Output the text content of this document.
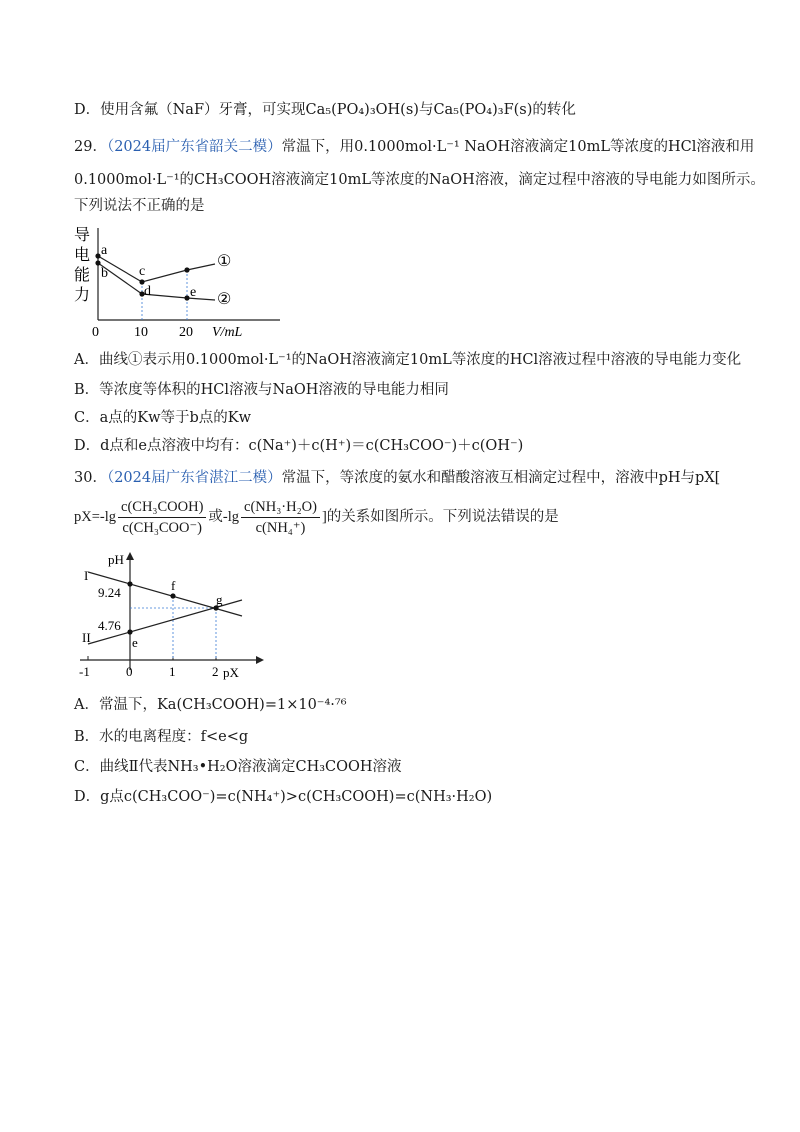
D．使用含氟（NaF）牙膏，可实现Ca₅(PO₄)₃OH(s)与Ca₅(PO₄)₃F(s)的转化
29．（2024届广东省韶关二模）常温下，用0.1000mol·L⁻¹ NaOH溶液滴定10mL等浓度的HCl溶液和用
0.1000mol·L⁻¹的CH₃COOH溶液滴定10mL等浓度的NaOH溶液，滴定过程中溶液的导电能力如图所示。
下列说法不正确的是
导
电
能
力
a
b c
d	e
①
②
0	10 20 V/mL
A．曲线①表示用0.1000mol·L⁻¹的NaOH溶液滴定10mL等浓度的HCl溶液过程中溶液的导电能力变化
B．等浓度等体积的HCl溶液与NaOH溶液的导电能力相同
C．a点的Kw等于b点的Kw
D．d点和e点溶液中均有：c(Na⁺)＋c(H⁺)＝c(CH₃COO⁻)＋c(OH⁻)
30．（2024届广东省湛江二模）常温下，等浓度的氨水和醋酸溶液互相滴定过程中，溶液中pH与pX[
$pX=-\lg \frac{\text{c(CH₃COOH)}}{\text{c(CH₃COO⁻)}}$ 或$-\lg \frac{\text{c(NH₃·H₂O)}}{\text{c(NH₄⁺)}}$ ]的关系如图所示。下列说法错误的是
pH
I
II
9.24
4.76
f
g
e
-1	0	1	2 pX
A．常温下，Ka(CH₃COOH)=1×10⁻⁴·⁷⁶
B．水的电离程度：f<e<g
C．曲线Ⅱ代表NH₃•H₂O溶液滴定CH₃COOH溶液
D．g点c(CH₃COO⁻)=c(NH₄⁺)>c(CH₃COOH)=c(NH₃·H₂O)
